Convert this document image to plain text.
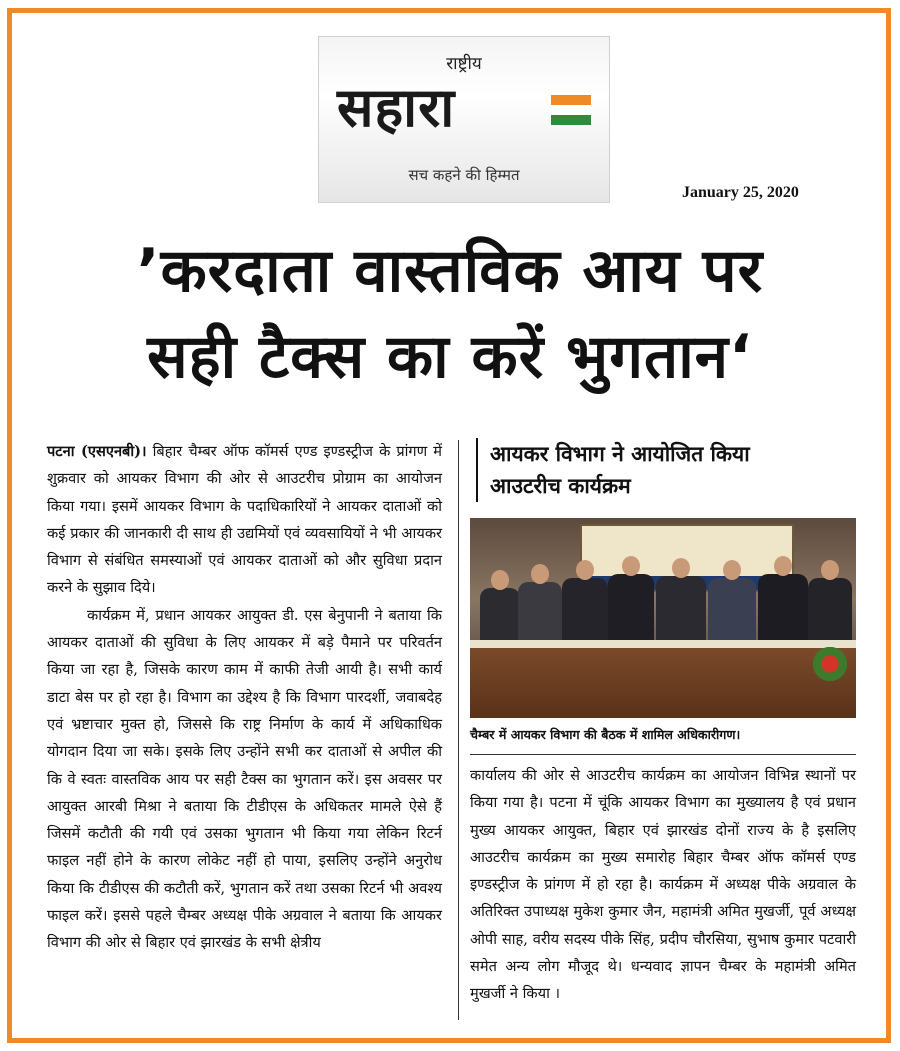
राष्ट्रीय
सहारा
सच कहने की हिम्मत
January 25, 2020
’करदाता वास्तविक आय पर
सही टैक्स का करें भुगतान‘

पटना (एसएनबी)। बिहार चैम्बर ऑफ कॉमर्स एण्ड इण्डस्ट्रीज के प्रांगण में शुक्रवार को आयकर विभाग की ओर से आउटरीच प्रोग्राम का आयोजन किया गया। इसमें आयकर विभाग के पदाधिकारियों ने आयकर दाताओं को कई प्रकार की जानकारी दी साथ ही उद्यमियों एवं व्यवसायियों ने भी आयकर विभाग से संबंधित समस्याओं एवं आयकर दाताओं को और सुविधा प्रदान करने के सुझाव दिये।

कार्यक्रम में, प्रधान आयकर आयुक्त डी. एस बेनुपानी ने बताया कि आयकर दाताओं की सुविधा के लिए आयकर में बड़े पैमाने पर परिवर्तन किया जा रहा है, जिसके कारण काम में काफी तेजी आयी है। सभी कार्य डाटा बेस पर हो रहा है। विभाग का उद्देश्य है कि विभाग पारदर्शी, जवाबदेह एवं भ्रष्टाचार मुक्त हो, जिससे कि राष्ट्र निर्माण के कार्य में अधिकाधिक योगदान दिया जा सके। इसके लिए उन्होंने सभी कर दाताओं से अपील की कि वे स्वतः वास्तविक आय पर सही टैक्स का भुगतान करें। इस अवसर पर आयुक्त आरबी मिश्रा ने बताया कि टीडीएस के अधिकतर मामले ऐसे हैं जिसमें कटौती की गयी एवं उसका भुगतान भी किया गया लेकिन रिटर्न फाइल नहीं होने के कारण लोकेट नहीं हो पाया, इसलिए उन्होंने अनुरोध किया कि टीडीएस की कटौती करें, भुगतान करें तथा उसका रिटर्न भी अवश्य फाइल करें। इससे पहले चैम्बर अध्यक्ष पीके अग्रवाल ने बताया कि आयकर विभाग की ओर से बिहार एवं झारखंड के सभी क्षेत्रीय

आयकर विभाग ने आयोजित किया
आउटरीच कार्यक्रम
चैम्बर में आयकर विभाग की बैठक में शामिल अधिकारीगण।

कार्यालय की ओर से आउटरीच कार्यक्रम का आयोजन विभिन्न स्थानों पर किया गया है। पटना में चूंकि आयकर विभाग का मुख्यालय है एवं प्रधान मुख्य आयकर आयुक्त, बिहार एवं झारखंड दोनों राज्य के है इसलिए आउटरीच कार्यक्रम का मुख्य समारोह बिहार चैम्बर ऑफ कॉमर्स एण्ड इण्डस्ट्रीज के प्रांगण में हो रहा है। कार्यक्रम में अध्यक्ष पीके अग्रवाल के अतिरिक्त उपाध्यक्ष मुकेश कुमार जैन, महामंत्री अमित मुखर्जी, पूर्व अध्यक्ष ओपी साह, वरीय सदस्य पीके सिंह, प्रदीप चौरसिया, सुभाष कुमार पटवारी समेत अन्य लोग मौजूद थे। धन्यवाद ज्ञापन चैम्बर के महामंत्री अमित मुखर्जी ने किया ।
